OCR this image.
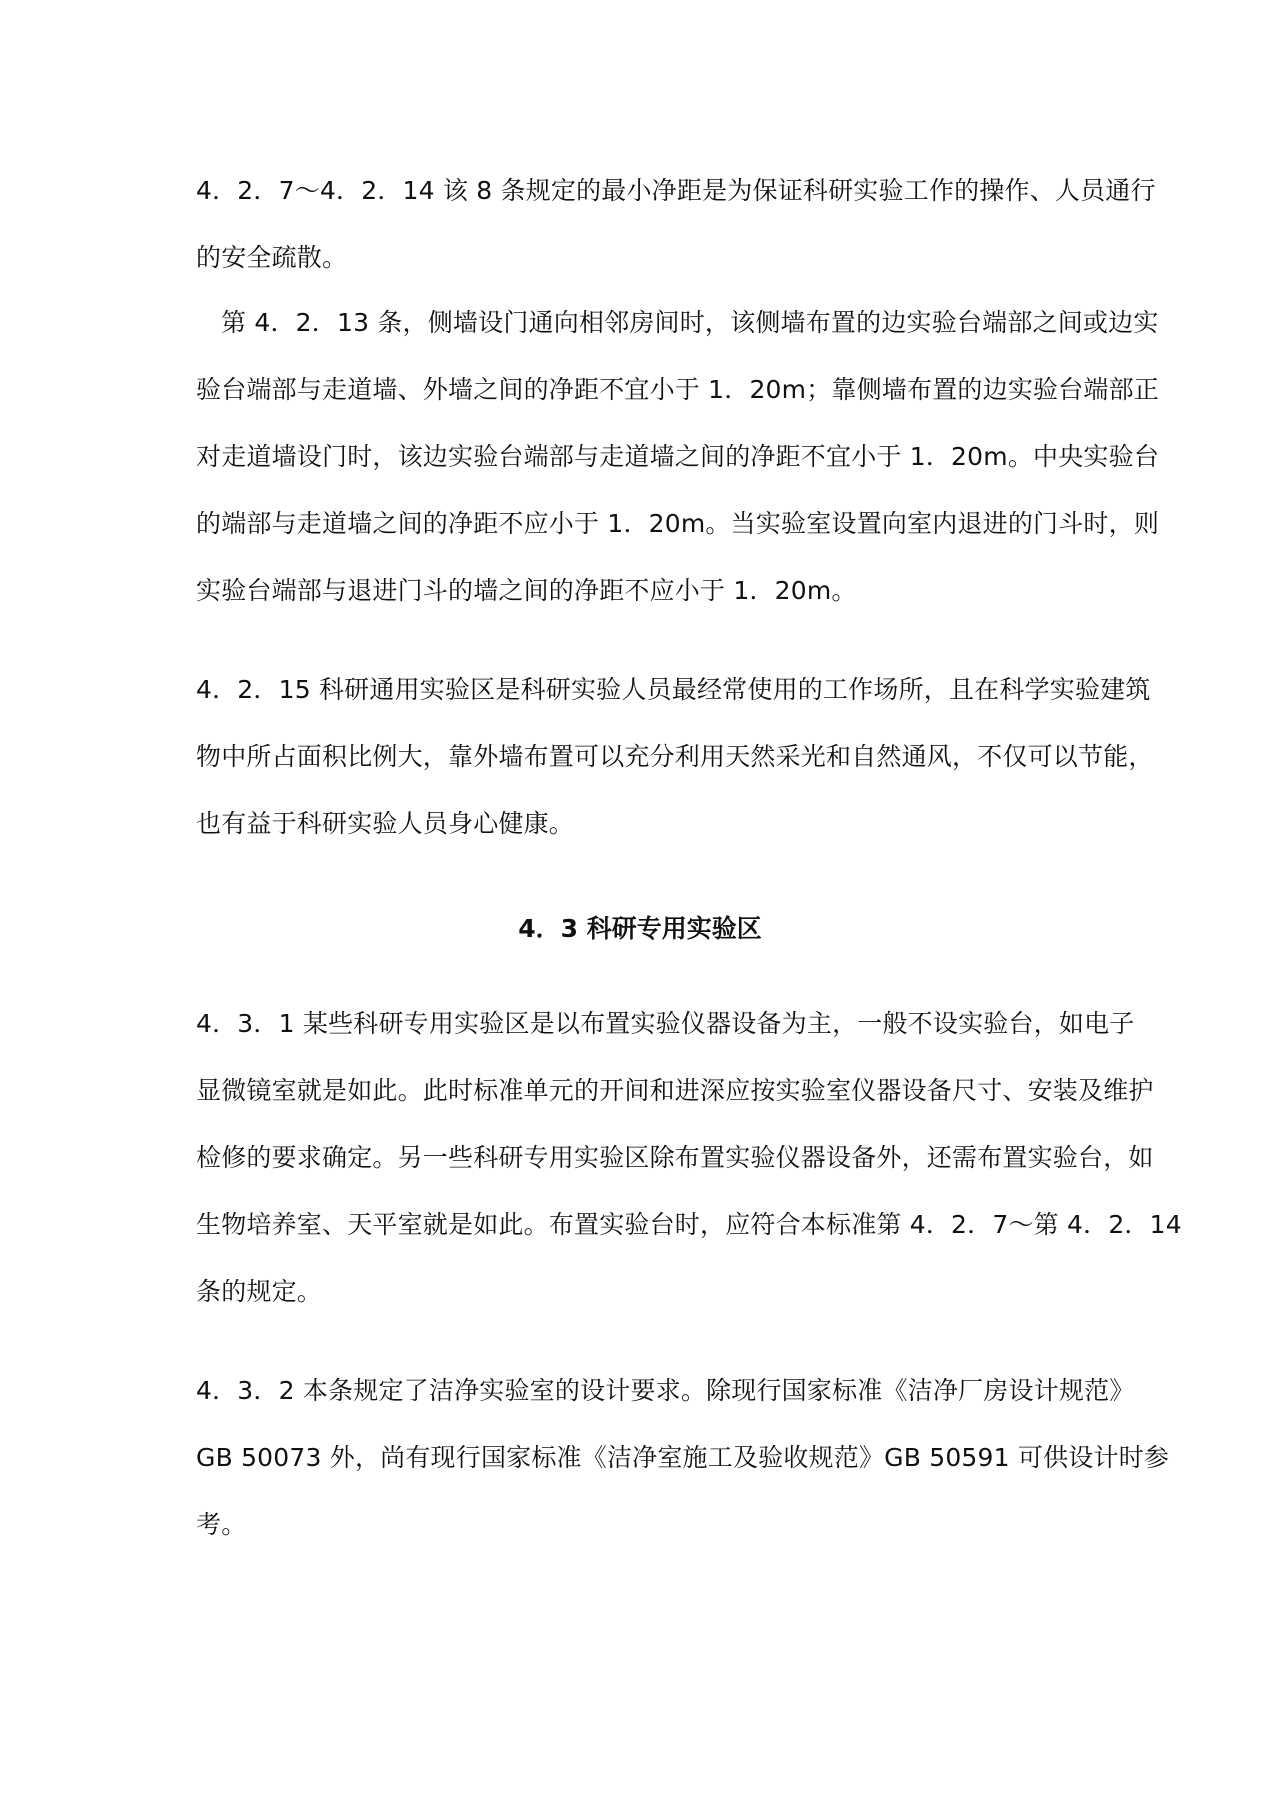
4．2．7～4．2．14 该 8 条规定的最小净距是为保证科研实验工作的操作、人员通行
的安全疏散。

第 4．2．13 条，侧墙设门通向相邻房间时，该侧墙布置的边实验台端部之间或边实
验台端部与走道墙、外墙之间的净距不宜小于 1．20m；靠侧墙布置的边实验台端部正
对走道墙设门时，该边实验台端部与走道墙之间的净距不宜小于 1．20m。中央实验台
的端部与走道墙之间的净距不应小于 1．20m。当实验室设置向室内退进的门斗时，则
实验台端部与退进门斗的墙之间的净距不应小于 1．20m。

4．2．15 科研通用实验区是科研实验人员最经常使用的工作场所，且在科学实验建筑
物中所占面积比例大，靠外墙布置可以充分利用天然采光和自然通风，不仅可以节能，
也有益于科研实验人员身心健康。

4．3 科研专用实验区

4．3．1 某些科研专用实验区是以布置实验仪器设备为主，一般不设实验台，如电子
显微镜室就是如此。此时标准单元的开间和进深应按实验室仪器设备尺寸、安装及维护
检修的要求确定。另一些科研专用实验区除布置实验仪器设备外，还需布置实验台，如
生物培养室、天平室就是如此。布置实验台时，应符合本标准第 4．2．7～第 4．2．14
条的规定。

4．3．2 本条规定了洁净实验室的设计要求。除现行国家标准《洁净厂房设计规范》
GB 50073 外，尚有现行国家标准《洁净室施工及验收规范》GB 50591 可供设计时参
考。
